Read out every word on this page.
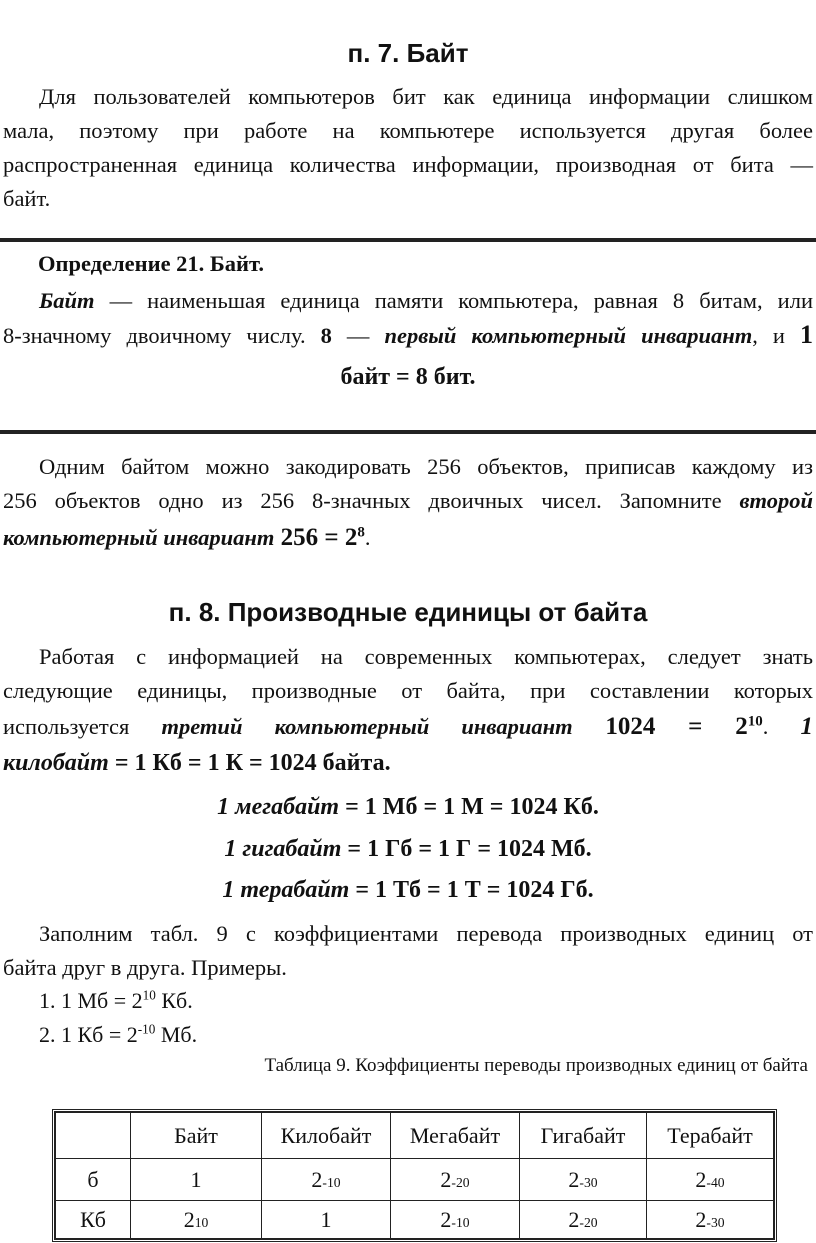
п. 7. Байт
Для пользователей компьютеров бит как единица информации слишком
мала, поэтому при работе на компьютере используется другая более
распространенная единица количества информации, производная от бита —
байт.
Определение 21. Байт.
Байт — наименьшая единица памяти компьютера, равная 8 битам, или
8-значному двоичному числу. 8 — первый компьютерный инвариант, и 1
байт = 8 бит.
Одним байтом можно закодировать 256 объектов, приписав каждому из
256 объектов одно из 256 8-значных двоичных чисел. Запомните второй
компьютерный инвариант $256 = 2^8$.
п. 8. Производные единицы от байта
Работая с информацией на современных компьютерах, следует знать
следующие единицы, производные от байта, при составлении которых
используется третий компьютерный инвариант $1024 = 2^{10}$. 1
килобайт = 1 Кб = 1 К = 1024 байта.
1 мегабайт = 1 Мб = 1 М = 1024 Кб.
1 гигабайт = 1 Гб = 1 Г = 1024 Мб.
1 терабайт = 1 Тб = 1 Т = 1024 Гб.
Заполним табл. 9 с коэффициентами перевода производных единиц от
байта друг в друга. Примеры.
1. 1 Мб = $2^{10}$ Кб.
2. 1 Кб = $2^{-10}$ Мб.
Таблица 9. Коэффициенты переводы производных единиц от байта
	Байт	Килобайт	Мегабайт	Гигабайт	Терабайт
б	1	2-10	2-20	2-30	2-40
Кб	210	1	2-10	2-20	2-30
